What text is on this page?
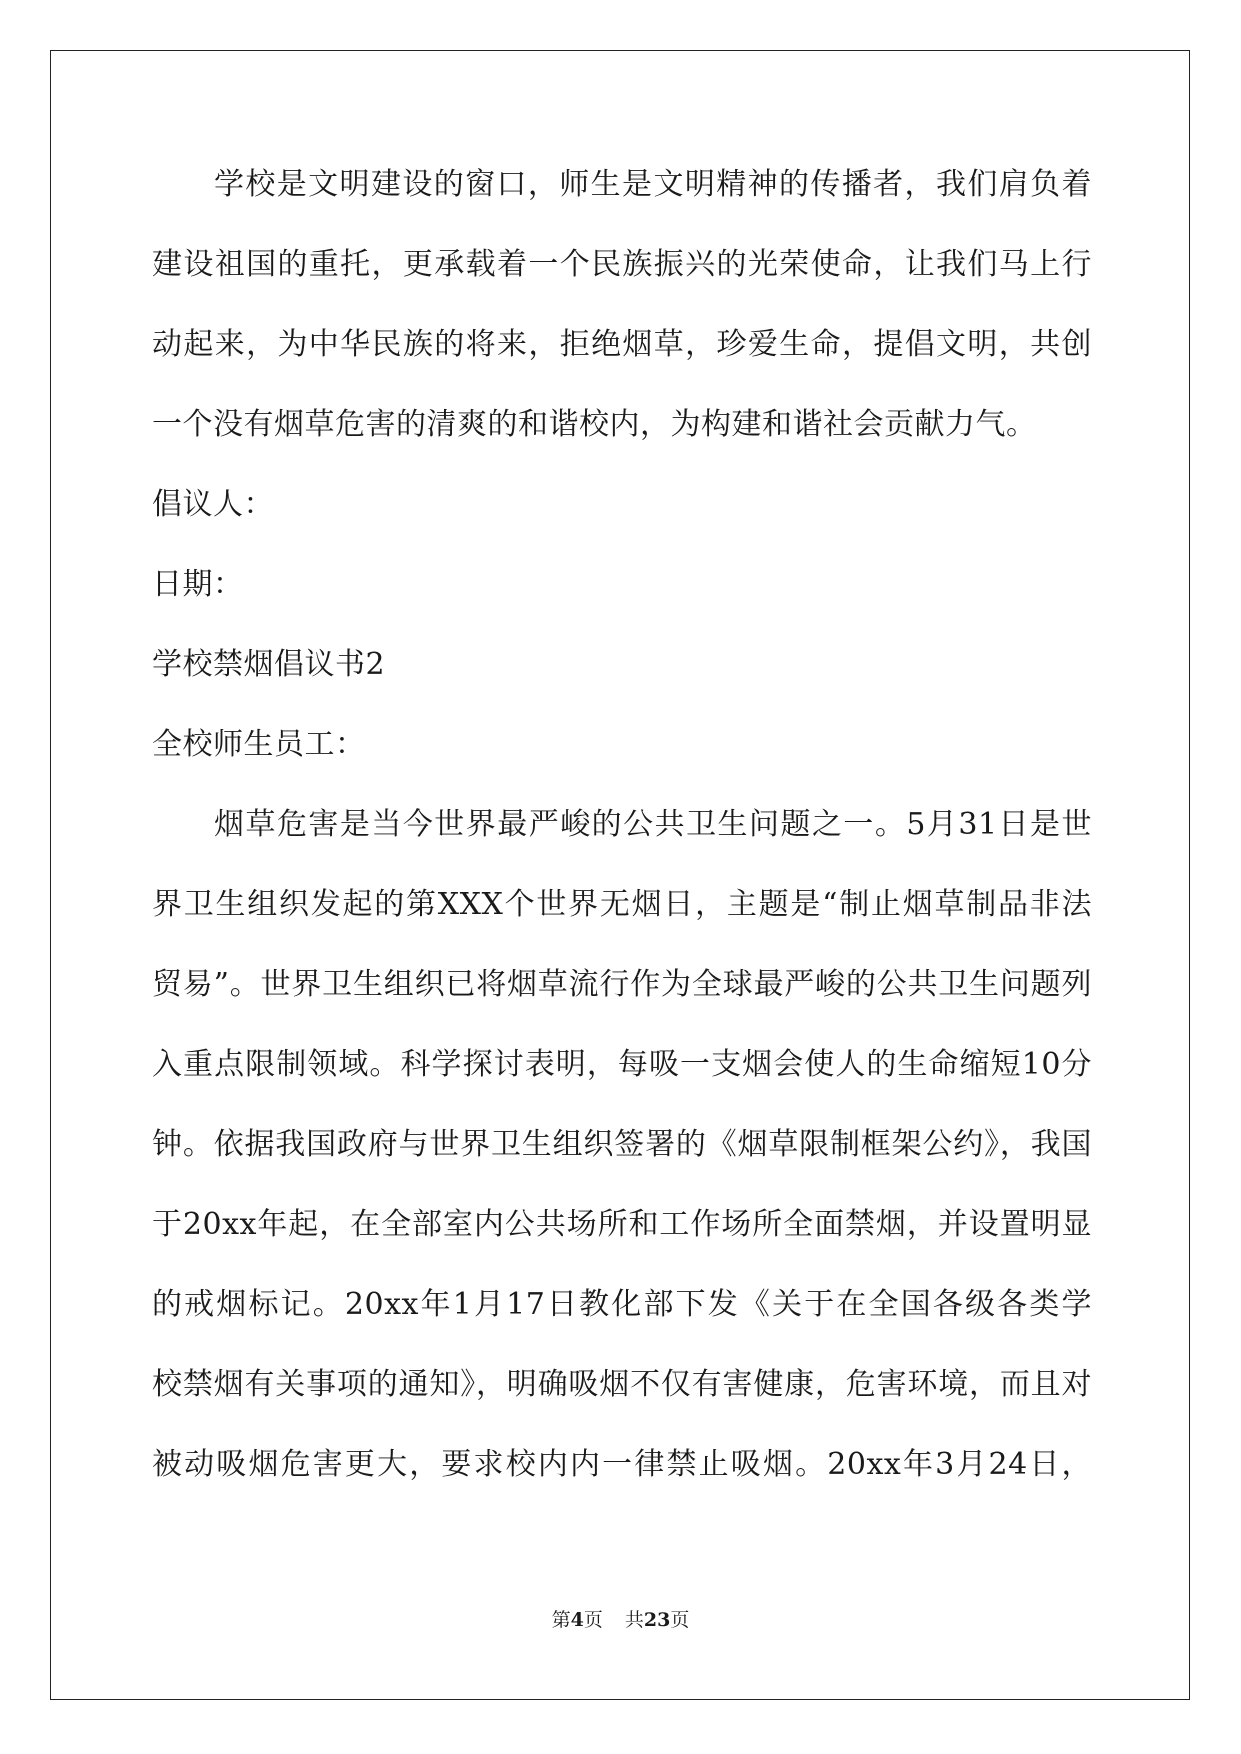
学校是文明建设的窗口，师生是文明精神的传播者，我们肩负着
建设祖国的重托，更承载着一个民族振兴的光荣使命，让我们马上行
动起来，为中华民族的将来，拒绝烟草，珍爱生命，提倡文明，共创
一个没有烟草危害的清爽的和谐校内，为构建和谐社会贡献力气。
倡议人：
日期：
学校禁烟倡议书2
全校师生员工：
烟草危害是当今世界最严峻的公共卫生问题之一。5月31日是世
界卫生组织发起的第XXX个世界无烟日，主题是“制止烟草制品非法
贸易”。世界卫生组织已将烟草流行作为全球最严峻的公共卫生问题列
入重点限制领域。科学探讨表明，每吸一支烟会使人的生命缩短10分
钟。依据我国政府与世界卫生组织签署的《烟草限制框架公约》，我国
于20xx年起，在全部室内公共场所和工作场所全面禁烟，并设置明显
的戒烟标记。20xx年1月17日教化部下发《关于在全国各级各类学
校禁烟有关事项的通知》，明确吸烟不仅有害健康，危害环境，而且对
被动吸烟危害更大，要求校内内一律禁止吸烟。20xx年3月24日，
第4页 共23页
